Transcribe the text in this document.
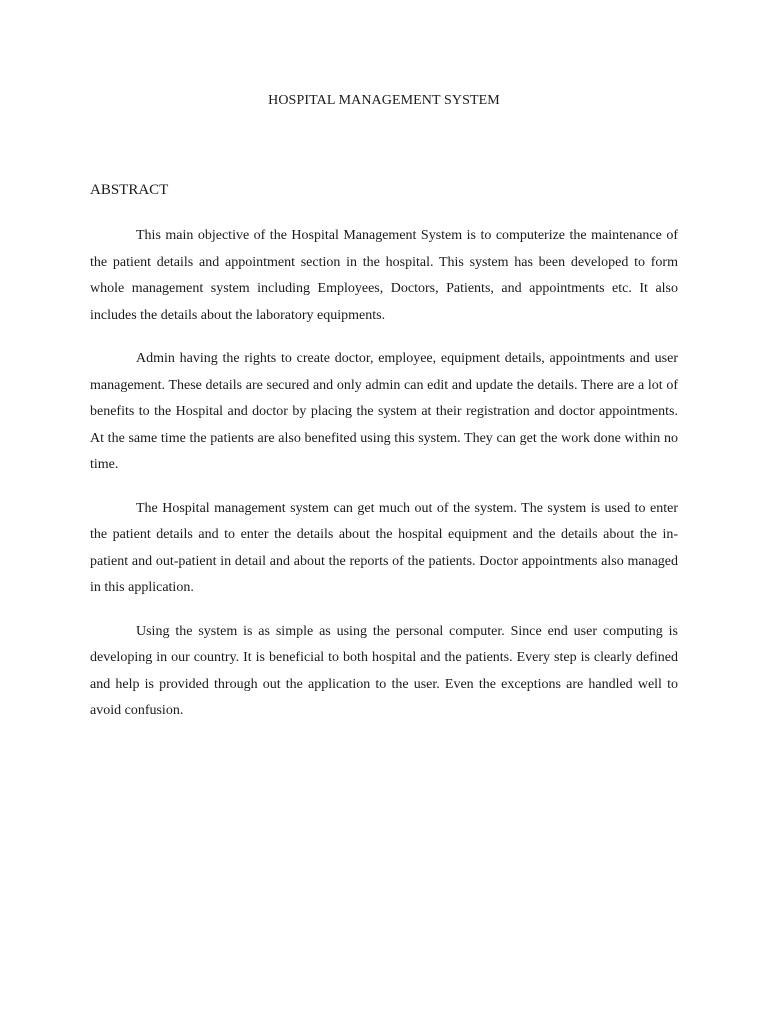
HOSPITAL MANAGEMENT SYSTEM
ABSTRACT

This main objective of the Hospital Management System is to computerize the maintenance of the patient details and appointment section in the hospital. This system has been developed to form whole management system including Employees, Doctors, Patients, and appointments etc. It also includes the details about the laboratory equipments.

Admin having the rights to create doctor, employee, equipment details, appointments and user management. These details are secured and only admin can edit and update the details. There are a lot of benefits to the Hospital and doctor by placing the system at their registration and doctor appointments. At the same time the patients are also benefited using this system. They can get the work done within no time.

The Hospital management system can get much out of the system. The system is used to enter the patient details and to enter the details about the hospital equipment and the details about the in-patient and out-patient in detail and about the reports of the patients. Doctor appointments also managed in this application.

Using the system is as simple as using the personal computer. Since end user computing is developing in our country. It is beneficial to both hospital and the patients. Every step is clearly defined and help is provided through out the application to the user. Even the exceptions are handled well to avoid confusion.
